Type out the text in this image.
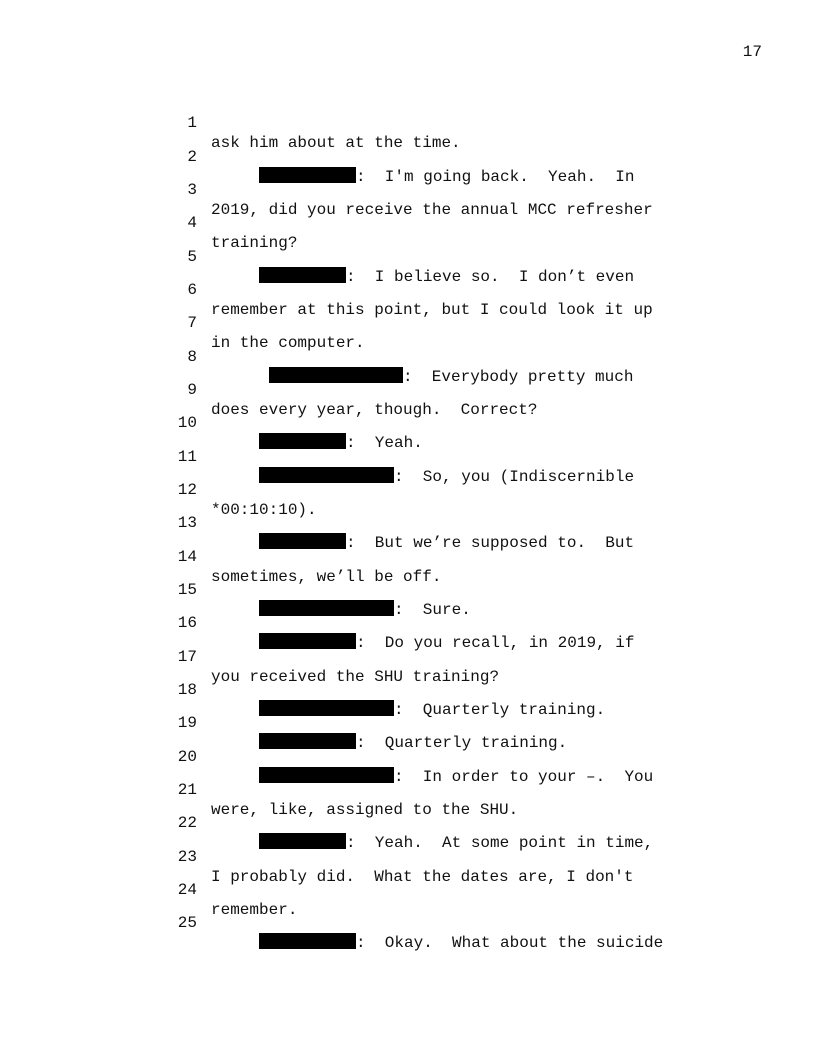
17

1

ask him about at the time.

2

:  I'm going back.  Yeah.  In

3

2019, did you receive the annual MCC refresher

4

training?

5

:  I believe so.  I don’t even

6

remember at this point, but I could look it up

7

in the computer.

8

:  Everybody pretty much

9

does every year, though.  Correct?

10

:  Yeah.

11

:  So, you (Indiscernible

12

*00:10:10).

13

:  But we’re supposed to.  But

14

sometimes, we’ll be off.

15

:  Sure.

16

:  Do you recall, in 2019, if

17

you received the SHU training?

18

:  Quarterly training.

19

:  Quarterly training.

20

:  In order to your –.  You

21

were, like, assigned to the SHU.

22

:  Yeah.  At some point in time,

23

I probably did.  What the dates are, I don't

24

remember.

25

:  Okay.  What about the suicide
